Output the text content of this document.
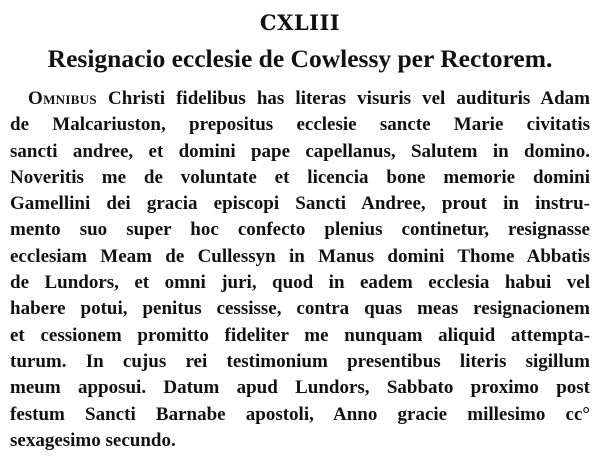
CXLIII
Resignacio ecclesie de Cowlessy per Rectorem.
Omnibus Christi fidelibus has literas visuris vel audituris Adam
de Malcariuston, prepositus ecclesie sancte Marie civitatis
sancti andree, et domini pape capellanus, Salutem in domino.
Noveritis me de voluntate et licencia bone memorie domini
Gamellini dei gracia episcopi Sancti Andree, prout in instru-
mento suo super hoc confecto plenius continetur, resignasse
ecclesiam Meam de Cullessyn in Manus domini Thome Abbatis
de Lundors, et omni juri, quod in eadem ecclesia habui vel
habere potui, penitus cessisse, contra quas meas resignacionem
et cessionem promitto fideliter me nunquam aliquid attempta-
turum. In cujus rei testimonium presentibus literis sigillum
meum apposui. Datum apud Lundors, Sabbato proximo post
festum Sancti Barnabe apostoli, Anno gracie millesimo cc°
sexagesimo secundo.
